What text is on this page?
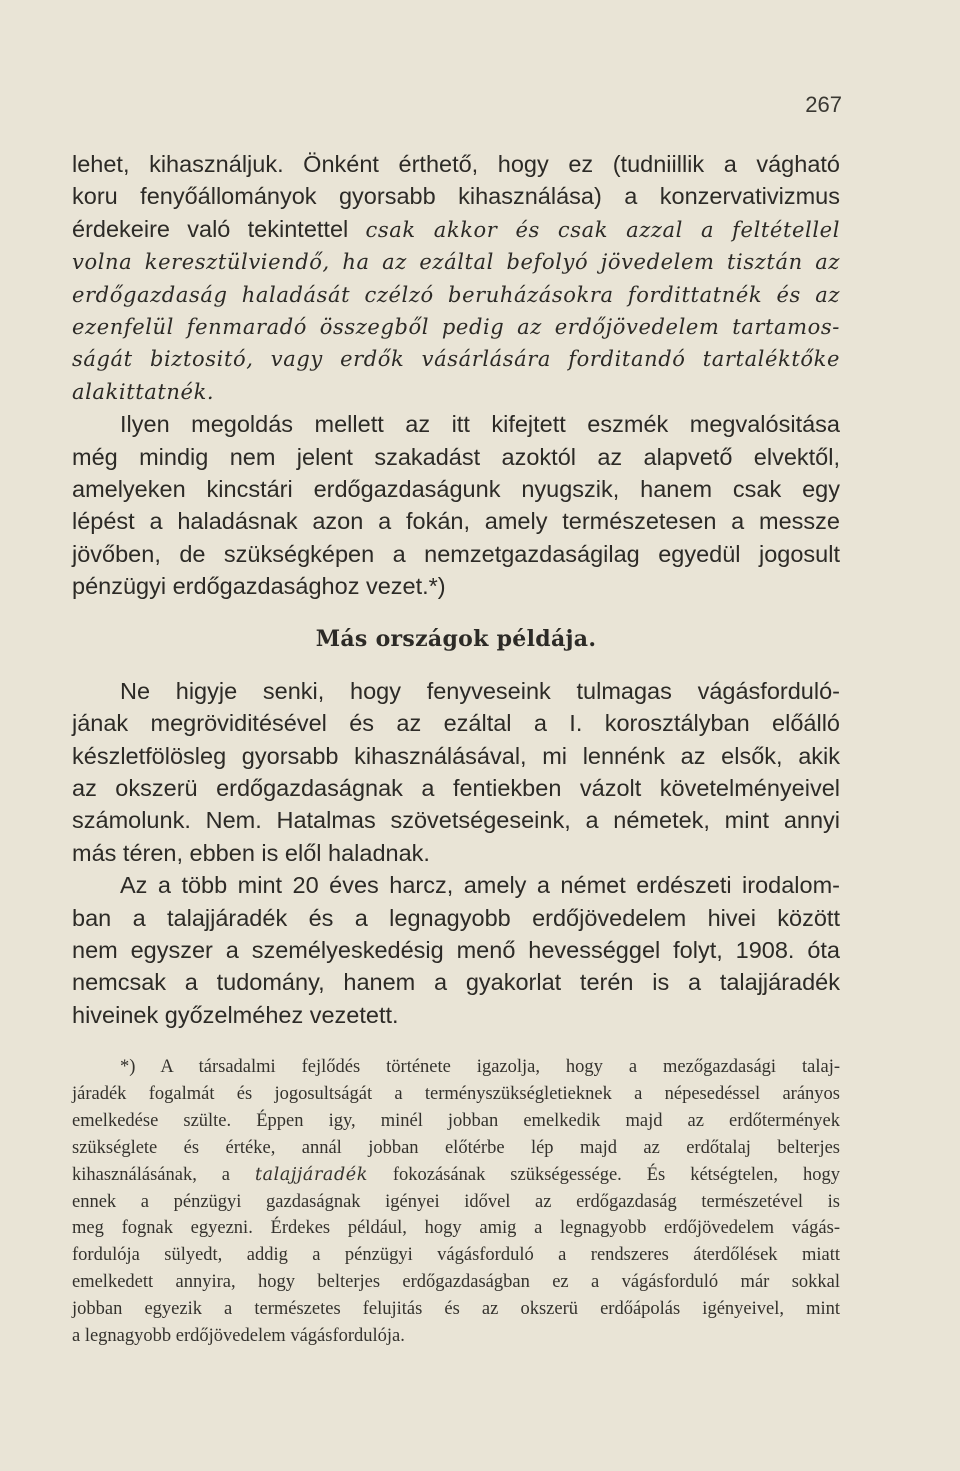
267

lehet, kihasználjuk. Önként érthető, hogy ez (tudniillik a vágható
koru fenyőállományok gyorsabb kihasználása) a konzervativizmus
érdekeire való tekintettel csak akkor és csak azzal a feltétellel
volna keresztülviendő, ha az ezáltal befolyó jövedelem tisztán az
erdőgazdaság haladását czélzó beruházásokra fordittatnék és az
ezenfelül fenmaradó összegből pedig az erdőjövedelem tartamos-
ságát biztositó, vagy erdők vásárlására forditandó tartaléktőke
alakittatnék.

Ilyen megoldás mellett az itt kifejtett eszmék megvalósitása
még mindig nem jelent szakadást azoktól az alapvető elvektől,
amelyeken kincstári erdőgazdaságunk nyugszik, hanem csak egy
lépést a haladásnak azon a fokán, amely természetesen a messze
jövőben, de szükségképen a nemzetgazdaságilag egyedül jogosult
pénzügyi erdőgazdasághoz vezet.*)

Más országok példája.

Ne higyje senki, hogy fenyveseink tulmagas vágásforduló-
jának megröviditésével és az ezáltal a I. korosztályban előálló
készletfölösleg gyorsabb kihasználásával, mi lennénk az elsők, akik
az okszerü erdőgazdaságnak a fentiekben vázolt követelményeivel
számolunk. Nem. Hatalmas szövetségeseink, a németek, mint annyi
más téren, ebben is elől haladnak.

Az a több mint 20 éves harcz, amely a német erdészeti irodalom-
ban a talajjáradék és a legnagyobb erdőjövedelem hivei között
nem egyszer a személyeskedésig menő hevességgel folyt, 1908. óta
nemcsak a tudomány, hanem a gyakorlat terén is a talajjáradék
hiveinek győzelméhez vezetett.

*) A társadalmi fejlődés története igazolja, hogy a mezőgazdasági talaj-
járadék fogalmát és jogosultságát a terményszükségletieknek a népesedéssel arányos
emelkedése szülte. Éppen igy, minél jobban emelkedik majd az erdőtermények
szükséglete és értéke, annál jobban előtérbe lép majd az erdőtalaj belterjes
kihasználásának, a talajjáradék fokozásának szükségessége. És kétségtelen, hogy
ennek a pénzügyi gazdaságnak igényei idővel az erdőgazdaság természetével is
meg fognak egyezni. Érdekes például, hogy amig a legnagyobb erdőjövedelem vágás-
fordulója sülyedt, addig a pénzügyi vágásforduló a rendszeres áterdőlések miatt
emelkedett annyira, hogy belterjes erdőgazdaságban ez a vágásforduló már sokkal
jobban egyezik a természetes felujitás és az okszerü erdőápolás igényeivel, mint
a legnagyobb erdőjövedelem vágásfordulója.
